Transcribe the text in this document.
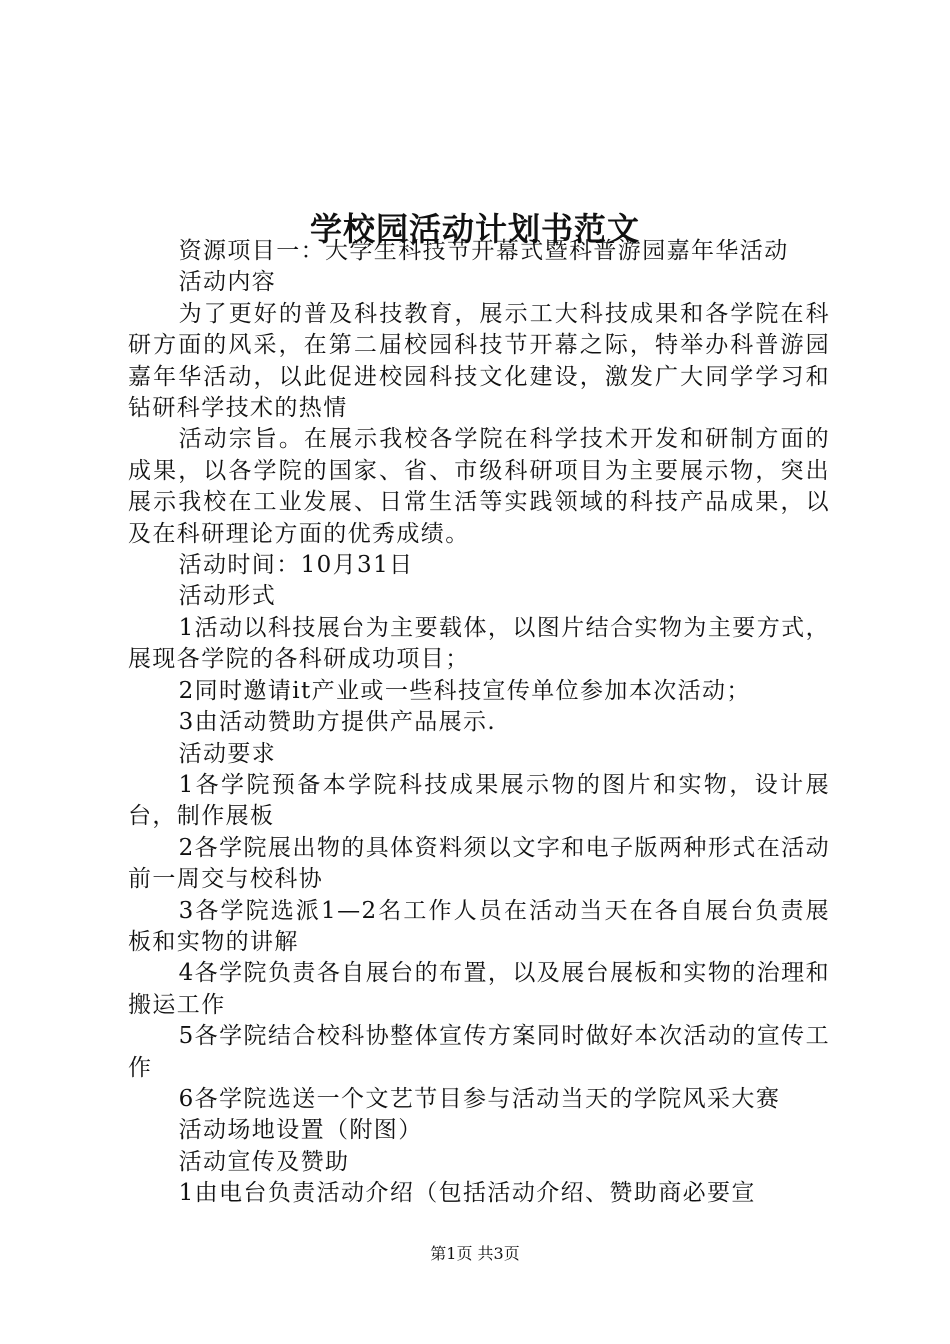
学校园活动计划书范文

资源项目一：大学生科技节开幕式暨科普游园嘉年华活动

活动内容

为了更好的普及科技教育，展示工大科技成果和各学院在科研方面的风采，在第二届校园科技节开幕之际，特举办科普游园嘉年华活动，以此促进校园科技文化建设，激发广大同学学习和钻研科学技术的热情

活动宗旨。在展示我校各学院在科学技术开发和研制方面的成果，以各学院的国家、省、市级科研项目为主要展示物，突出展示我校在工业发展、日常生活等实践领域的科技产品成果，以及在科研理论方面的优秀成绩。

活动时间：10月31日

活动形式

1活动以科技展台为主要载体，以图片结合实物为主要方式，展现各学院的各科研成功项目；

2同时邀请it产业或一些科技宣传单位参加本次活动；

3由活动赞助方提供产品展示.

活动要求

1各学院预备本学院科技成果展示物的图片和实物，设计展台，制作展板

2各学院展出物的具体资料须以文字和电子版两种形式在活动前一周交与校科协

3各学院选派1—2名工作人员在活动当天在各自展台负责展板和实物的讲解

4各学院负责各自展台的布置，以及展台展板和实物的治理和搬运工作

5各学院结合校科协整体宣传方案同时做好本次活动的宣传工作

6各学院选送一个文艺节目参与活动当天的学院风采大赛

活动场地设置（附图）

活动宣传及赞助

1由电台负责活动介绍（包括活动介绍、赞助商必要宣

第1页 共3页
